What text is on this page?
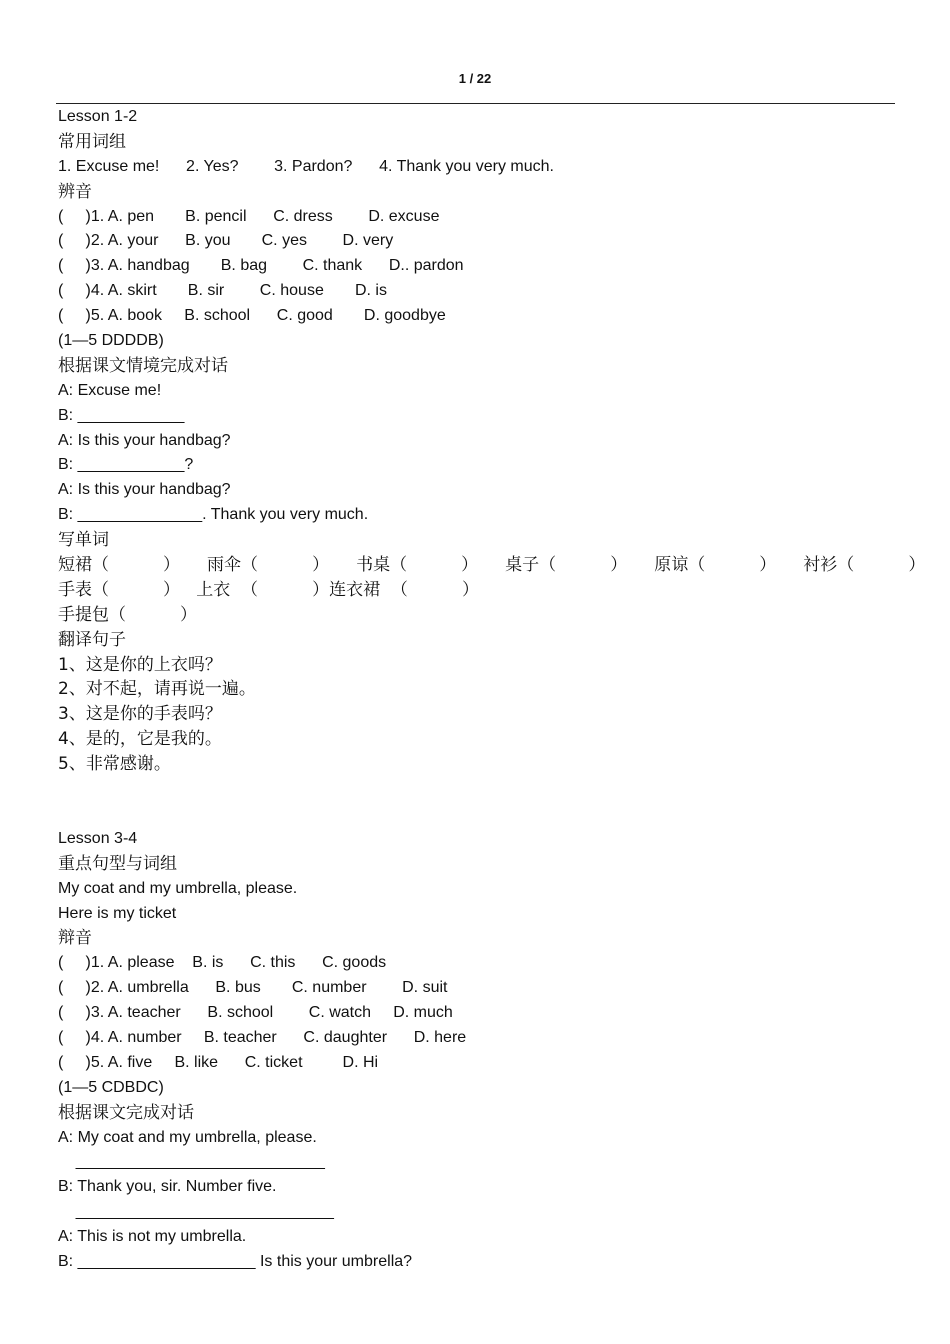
1 / 22
Lesson 1-2
常用词组
1. Excuse me!      2. Yes?        3. Pardon?      4. Thank you very much.
辨音
(     )1. A. pen       B. pencil      C. dress        D. excuse
(     )2. A. your      B. you       C. yes        D. very
(     )3. A. handbag       B. bag        C. thank      D.. pardon
(     )4. A. skirt       B. sir        C. house       D. is
(     )5. A. book     B. school      C. good       D. goodbye
(1—5 DDDDB)
根据课文情境完成对话
A: Excuse me!
B: ____________
A: Is this your handbag?
B: ____________?
A: Is this your handbag?
B: ______________. Thank you very much.
写单词
短裙（          ）     雨伞（          ）     书桌（          ）     桌子（          ）     原谅（          ）     衬衫（          ）
手表（          ）   上衣  （          ）连衣裙  （          ）
手提包（          ）
翻译句子
1、这是你的上衣吗？
2、对不起，请再说一遍。
3、这是你的手表吗？
4、是的，它是我的。
5、非常感谢。
Lesson 3-4
重点句型与词组
My coat and my umbrella, please.
Here is my ticket
辩音
(     )1. A. please    B. is      C. this      C. goods
(     )2. A. umbrella      B. bus       C. number        D. suit
(     )3. A. teacher      B. school        C. watch     D. much
(     )4. A. number     B. teacher      C. daughter      D. here
(     )5. A. five     B. like      C. ticket         D. Hi
(1—5 CDBDC)
根据课文完成对话
A: My coat and my umbrella, please.
____________________________
B: Thank you, sir. Number five.
_____________________________
A: This is not my umbrella.
B: ____________________ Is this your umbrella?
